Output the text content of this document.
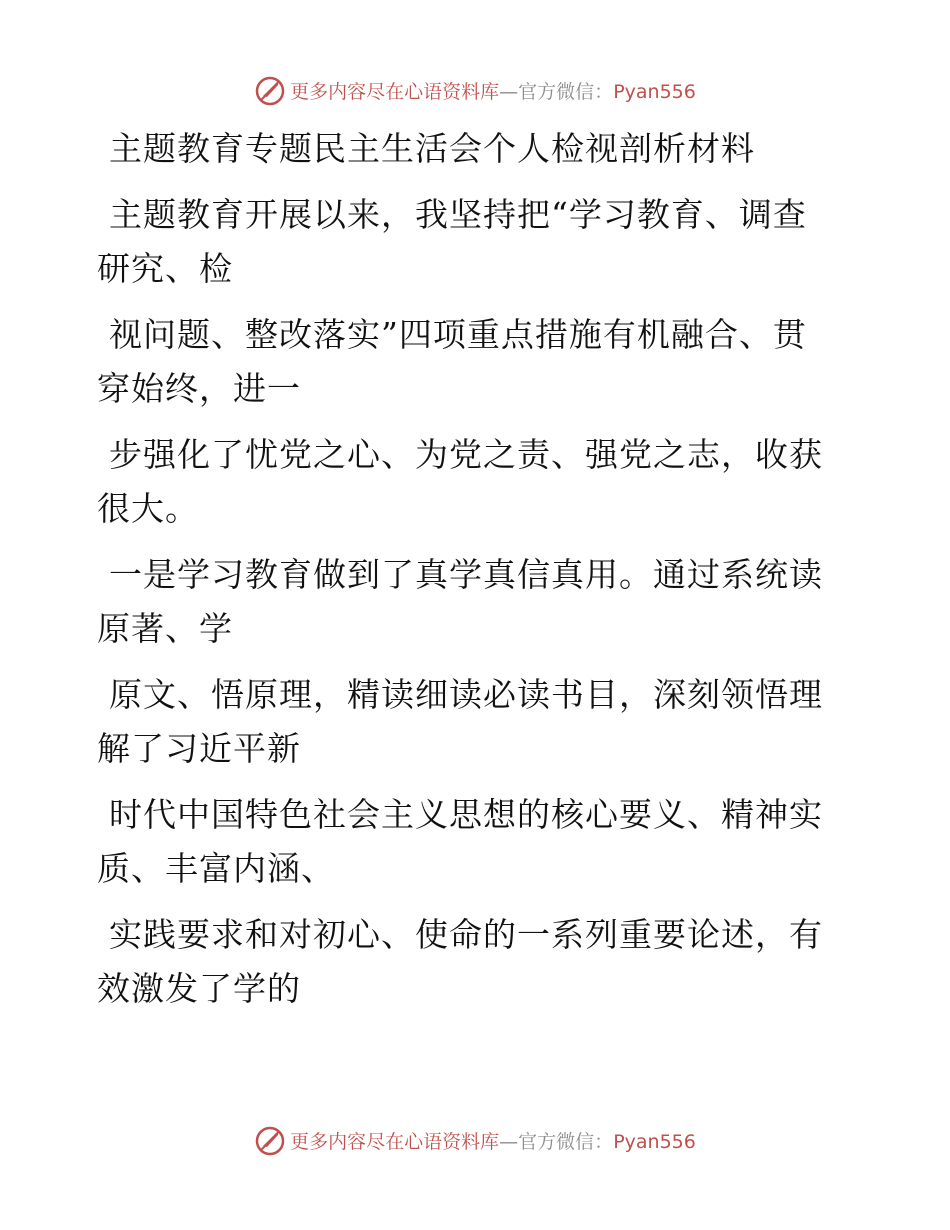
更多内容尽在心语资料库—官方微信：Pyan556
主题教育专题民主生活会个人检视剖析材料
主题教育开展以来，我坚持把“学习教育、调查
研究、检
视问题、整改落实”四项重点措施有机融合、贯
穿始终，进一
步强化了忧党之心、为党之责、强党之志，收获
很大。
一是学习教育做到了真学真信真用。通过系统读
原著、学
原文、悟原理，精读细读必读书目，深刻领悟理
解了习近平新
时代中国特色社会主义思想的核心要义、精神实
质、丰富内涵、
实践要求和对初心、使命的一系列重要论述，有
效激发了学的
更多内容尽在心语资料库—官方微信：Pyan556
